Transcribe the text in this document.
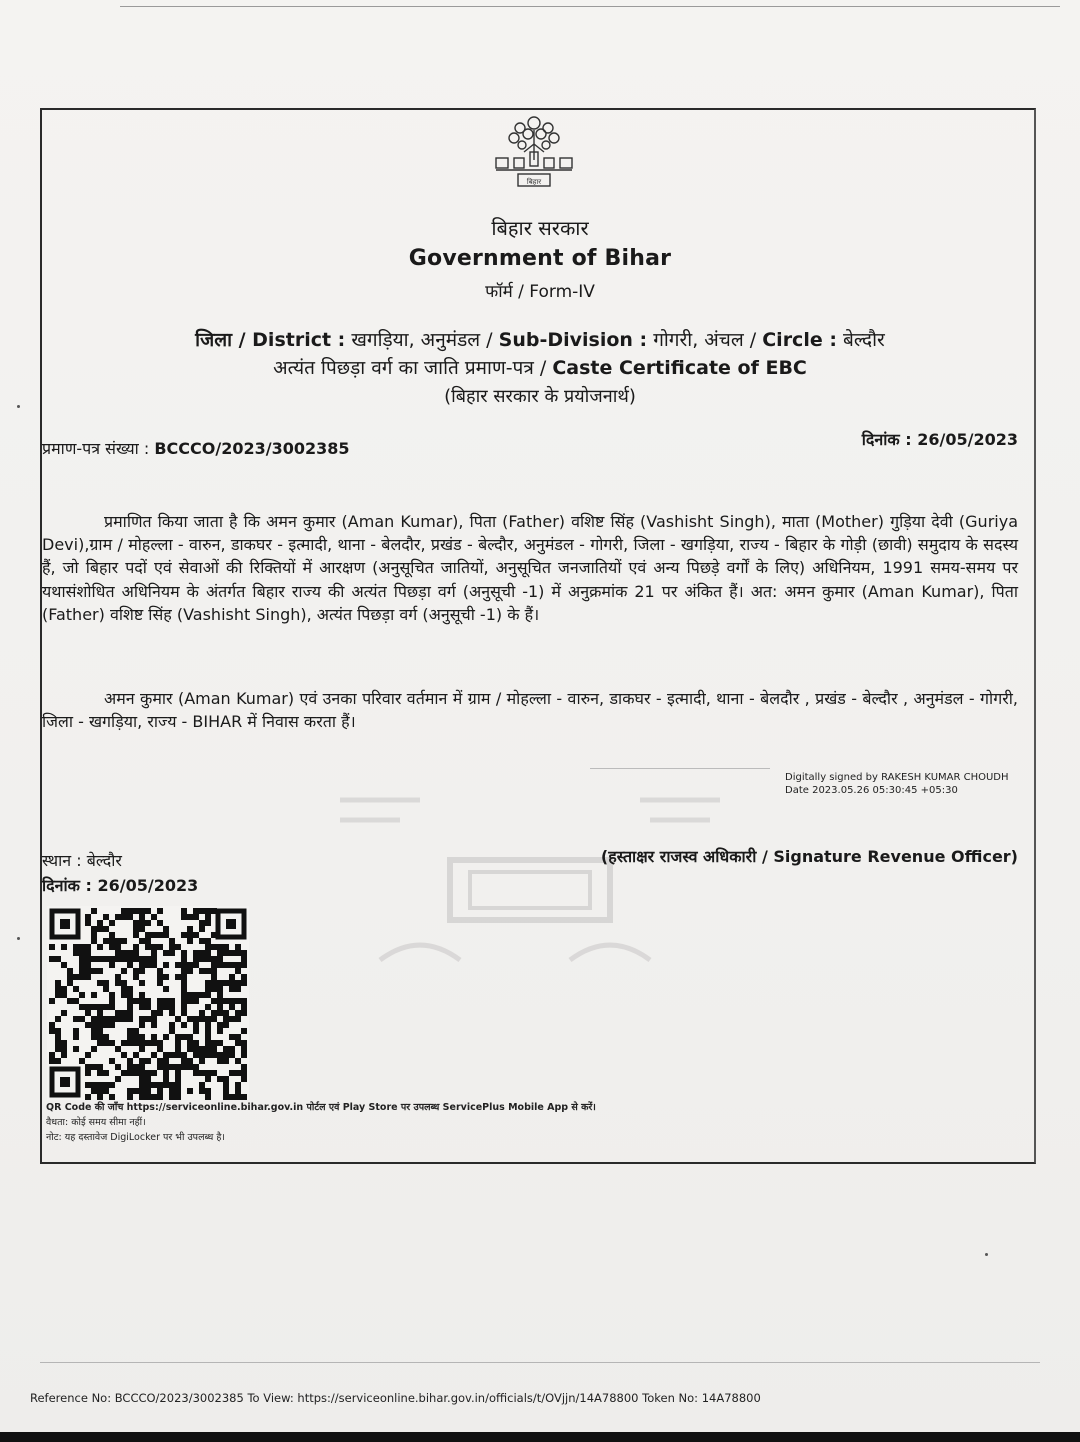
बिहार
बिहार सरकार
Government of Bihar
फॉर्म / Form-IV
जिला / District : खगड़िया, अनुमंडल / Sub-Division : गोगरी, अंचल / Circle : बेल्दौर
अत्यंत पिछड़ा वर्ग का जाति प्रमाण-पत्र / Caste Certificate of EBC
(बिहार सरकार के प्रयोजनार्थ)
प्रमाण-पत्र संख्या : BCCCO/2023/3002385	दिनांक : 26/05/2023
प्रमाणित किया जाता है कि अमन कुमार (Aman Kumar), पिता (Father) वशिष्ट सिंह (Vashisht Singh), माता (Mother) गुड़िया देवी (Guriya Devi),ग्राम / मोहल्ला - वारुन, डाकघर - इत्मादी, थाना - बेलदौर, प्रखंड - बेल्दौर, अनुमंडल - गोगरी, जिला - खगड़िया, राज्य - बिहार के गोड़ी (छावी) समुदाय के सदस्य हैं, जो बिहार पदों एवं सेवाओं की रिक्तियों में आरक्षण (अनुसूचित जातियों, अनुसूचित जनजातियों एवं अन्य पिछड़े वर्गों के लिए) अधिनियम, 1991 समय-समय पर यथासंशोधित अधिनियम के अंतर्गत बिहार राज्य की अत्यंत पिछड़ा वर्ग (अनुसूची -1) में अनुक्रमांक 21 पर अंकित हैं। अत: अमन कुमार (Aman Kumar), पिता (Father) वशिष्ट सिंह (Vashisht Singh), अत्यंत पिछड़ा वर्ग (अनुसूची -1) के हैं।
अमन कुमार (Aman Kumar) एवं उनका परिवार वर्तमान में ग्राम / मोहल्ला - वारुन, डाकघर - इत्मादी, थाना - बेलदौर , प्रखंड - बेल्दौर , अनुमंडल - गोगरी, जिला - खगड़िया, राज्य - BIHAR में निवास करता हैं।
Digitally signed by RAKESH KUMAR CHOUDH
Date 2023.05.26 05:30:45 +05:30
स्थान : बेल्दौर
दिनांक : 26/05/2023
(हस्ताक्षर राजस्व अधिकारी / Signature Revenue Officer)
QR Code की जाँच https://serviceonline.bihar.gov.in पोर्टल एवं Play Store पर उपलब्ध ServicePlus Mobile App से करें।
वैधता: कोई समय सीमा नहीं।
नोट: यह दस्तावेज DigiLocker पर भी उपलब्ध है।
Reference No: BCCCO/2023/3002385 To View: https://serviceonline.bihar.gov.in/officials/t/OVjjn/14A78800 Token No: 14A78800
